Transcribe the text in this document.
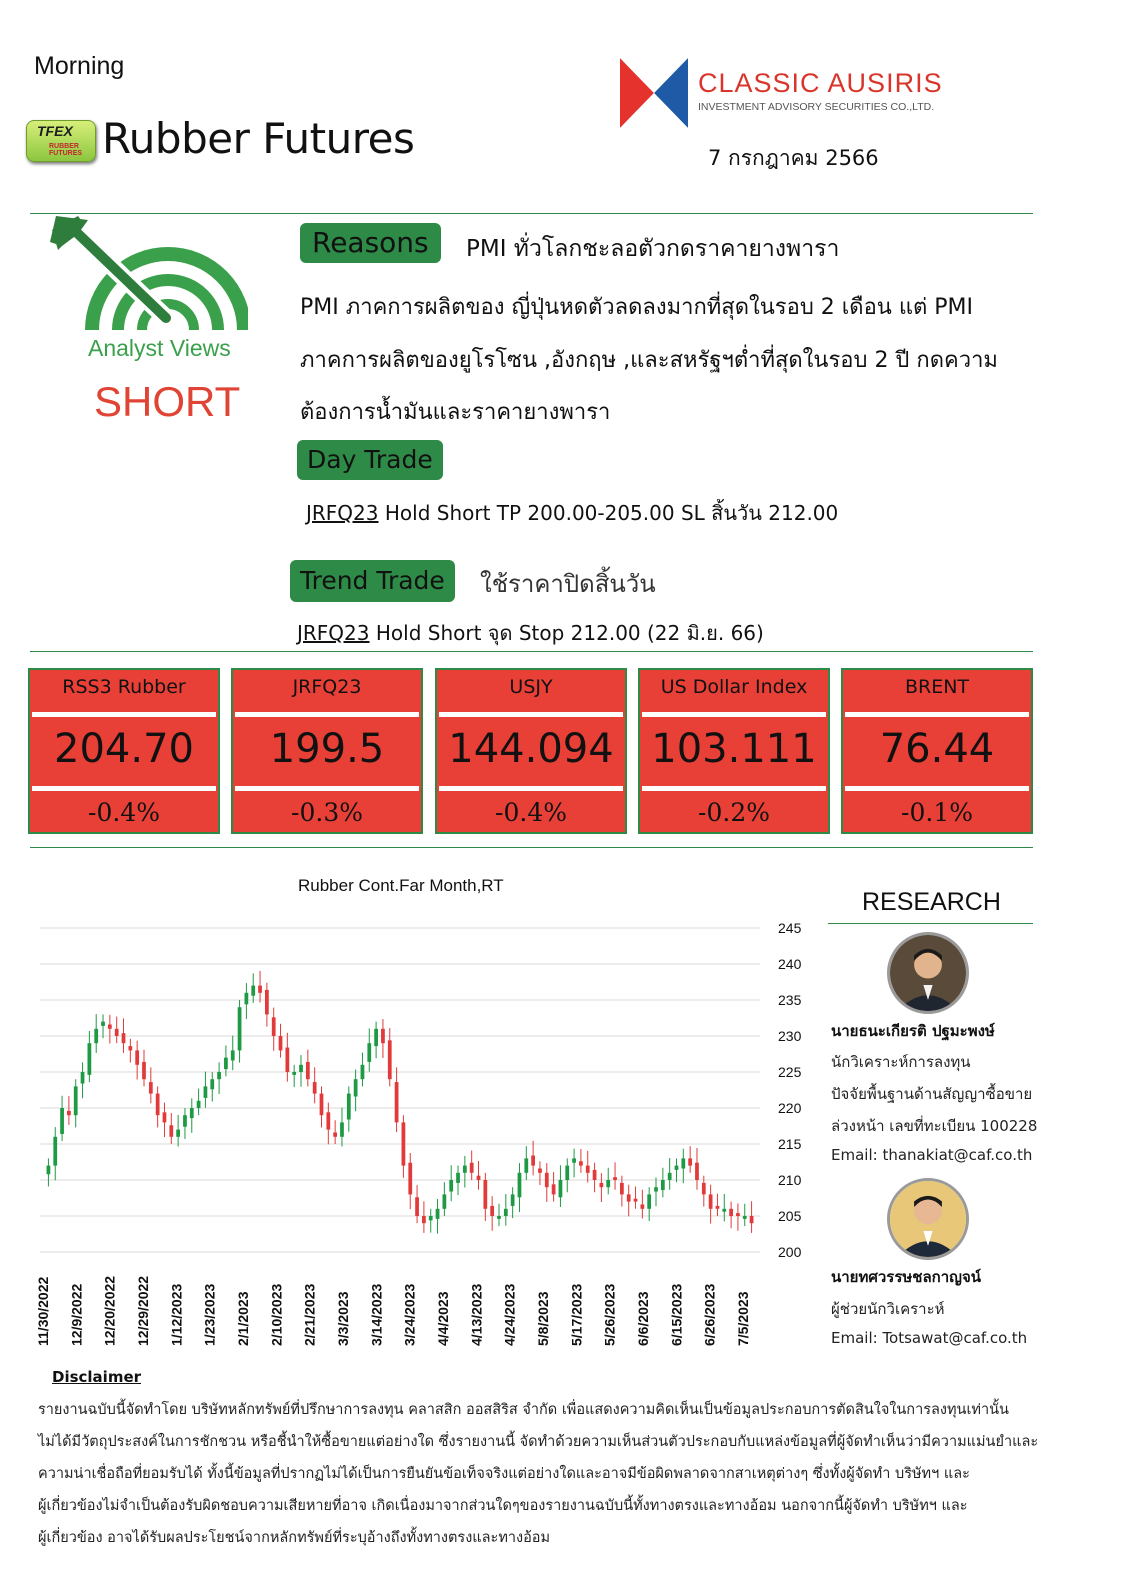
Morning
TFEX
RUBBER FUTURES Rubber Futures
CLASSIC AUSIRIS
INVESTMENT ADVISORY SECURITIES CO.,LTD.
7 กรกฎาคม 2566
Analyst Views
SHORT
Reasons	PMI ทั่วโลกชะลอตัวกดราคายางพารา
PMI ภาคการผลิตของ ญี่ปุ่นหดตัวลดลงมากที่สุดในรอบ 2 เดือน แต่ PMI
ภาคการผลิตของยูโรโซน ,อังกฤษ ,และสหรัฐฯต่ำที่สุดในรอบ 2 ปี กดความ
ต้องการน้ำมันและราคายางพารา
Day Trade
JRFQ23 Hold Short TP 200.00-205.00 SL สิ้นวัน 212.00
Trend Trade	ใช้ราคาปิดสิ้นวัน
JRFQ23 Hold Short จุด Stop 212.00 (22 มิ.ย. 66)
RSS3 Rubber
204.70
-0.4%
JRFQ23
199.5
-0.3%
USJY
144.094
-0.4%
US Dollar Index
103.111
-0.2%
BRENT
76.44
-0.1%
Rubber Cont.Far Month,RT
245
240
235
230
225
220
215
210
205
200
11/30/2022 12/9/2022 12/20/2022 12/29/2022 1/12/2023 1/23/2023 2/1/2023 2/10/2023 2/21/2023 3/3/2023 3/14/2023 3/24/2023 4/4/2023 4/13/2023 4/24/2023 5/8/2023 5/17/2023 5/26/2023 6/6/2023 6/15/2023 6/26/2023 7/5/2023
RESEARCH
นายธนะเกียรติ ปฐมะพงษ์
นักวิเคราะห์การลงทุน
ปัจจัยพื้นฐานด้านสัญญาซื้อขาย
ล่วงหน้า เลขที่ทะเบียน 100228
Email: thanakiat@caf.co.th
นายทศวรรษชลกาญจน์
ผู้ช่วยนักวิเคราะห์
Email: Totsawat@caf.co.th
Disclaimer
รายงานฉบับนี้จัดทำโดย บริษัทหลักทรัพย์ที่ปรึกษาการลงทุน คลาสสิก ออสสิริส จำกัด เพื่อแสดงความคิดเห็นเป็นข้อมูลประกอบการตัดสินใจในการลงทุนเท่านั้น
ไม่ได้มีวัตถุประสงค์ในการชักชวน หรือชี้นำให้ซื้อขายแต่อย่างใด ซึ่งรายงานนี้ จัดทำด้วยความเห็นส่วนตัวประกอบกับแหล่งข้อมูลที่ผู้จัดทำเห็นว่ามีความแม่นยำและ
ความน่าเชื่อถือที่ยอมรับได้ ทั้งนี้ข้อมูลที่ปรากฏไม่ได้เป็นการยืนยันข้อเท็จจริงแต่อย่างใดและอาจมีข้อผิดพลาดจากสาเหตุต่างๆ ซึ่งทั้งผู้จัดทำ บริษัทฯ และ
ผู้เกี่ยวข้องไม่จำเป็นต้องรับผิดชอบความเสียหายที่อาจ เกิดเนื่องมาจากส่วนใดๆของรายงานฉบับนี้ทั้งทางตรงและทางอ้อม นอกจากนี้ผู้จัดทำ บริษัทฯ และ
ผู้เกี่ยวข้อง อาจได้รับผลประโยชน์จากหลักทรัพย์ที่ระบุอ้างถึงทั้งทางตรงและทางอ้อม
